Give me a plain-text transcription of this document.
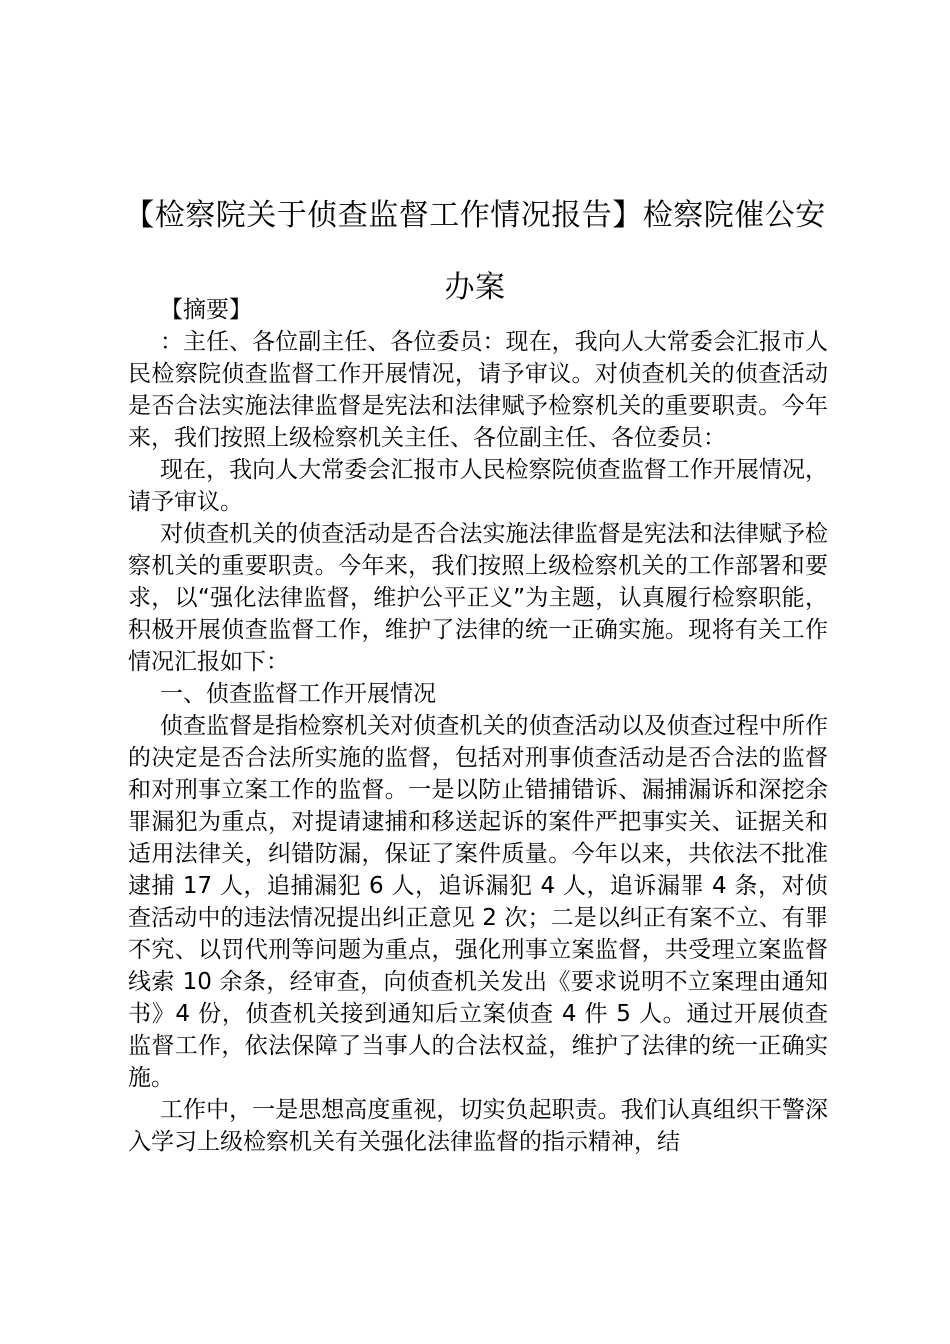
【检察院关于侦查监督工作情况报告】检察院催公安办案

【摘要】

：主任、各位副主任、各位委员：现在，我向人大常委会汇报市人民检察院侦查监督工作开展情况，请予审议。对侦查机关的侦查活动是否合法实施法律监督是宪法和法律赋予检察机关的重要职责。今年来，我们按照上级检察机关主任、各位副主任、各位委员：

现在，我向人大常委会汇报市人民检察院侦查监督工作开展情况，请予审议。

对侦查机关的侦查活动是否合法实施法律监督是宪法和法律赋予检察机关的重要职责。今年来，我们按照上级检察机关的工作部署和要求，以“强化法律监督，维护公平正义”为主题，认真履行检察职能，积极开展侦查监督工作，维护了法律的统一正确实施。现将有关工作情况汇报如下：

一、侦查监督工作开展情况

侦查监督是指检察机关对侦查机关的侦查活动以及侦查过程中所作的决定是否合法所实施的监督，包括对刑事侦查活动是否合法的监督和对刑事立案工作的监督。一是以防止错捕错诉、漏捕漏诉和深挖余罪漏犯为重点，对提请逮捕和移送起诉的案件严把事实关、证据关和适用法律关，纠错防漏，保证了案件质量。今年以来，共依法不批准逮捕 17 人，追捕漏犯 6 人，追诉漏犯 4 人，追诉漏罪 4 条，对侦查活动中的违法情况提出纠正意见 2 次；二是以纠正有案不立、有罪不究、以罚代刑等问题为重点，强化刑事立案监督，共受理立案监督线索 10 余条，经审查，向侦查机关发出《要求说明不立案理由通知书》4 份，侦查机关接到通知后立案侦查 4 件 5 人。通过开展侦查监督工作，依法保障了当事人的合法权益，维护了法律的统一正确实施。

工作中，一是思想高度重视，切实负起职责。我们认真组织干警深入学习上级检察机关有关强化法律监督的指示精神，结
